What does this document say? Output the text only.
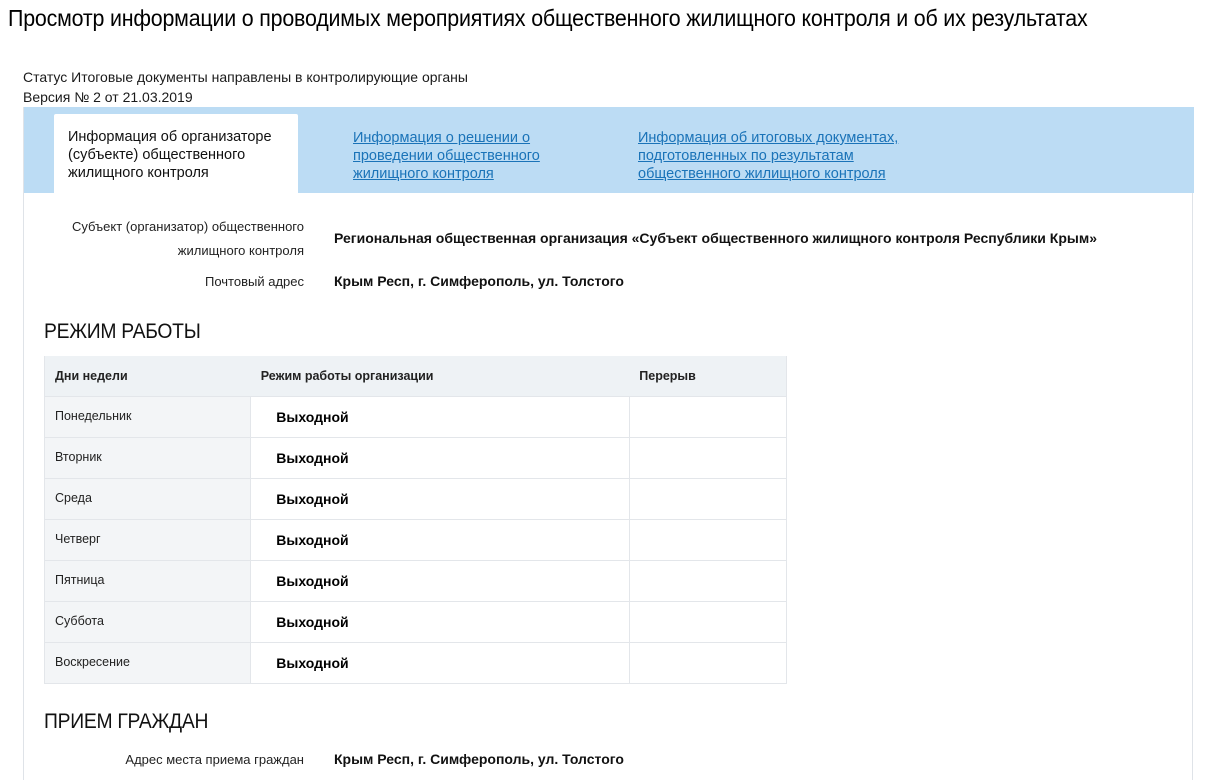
Просмотр информации о проводимых мероприятиях общественного жилищного контроля и об их результатах
Статус Итоговые документы направлены в контролирующие органы
Версия № 2 от 21.03.2019
Информация об организаторе (субъекте) общественного жилищного контроля
Информация о решении о проведении общественного жилищного контроля
Информация об итоговых документах, подготовленных по результатам общественного жилищного контроля
Субъект (организатор) общественного жилищного контроля
Региональная общественная организация «Субъект общественного жилищного контроля Республики Крым»
Почтовый адрес Крым Респ, г. Симферополь, ул. Толстого
РЕЖИМ РАБОТЫ
Дни недели	Режим работы организации	Перерыв
Понедельник	Выходной	
Вторник	Выходной	
Среда	Выходной	
Четверг	Выходной	
Пятница	Выходной	
Суббота	Выходной	
Воскресение	Выходной	
ПРИЕМ ГРАЖДАН
Адрес места приема граждан Крым Респ, г. Симферополь, ул. Толстого
